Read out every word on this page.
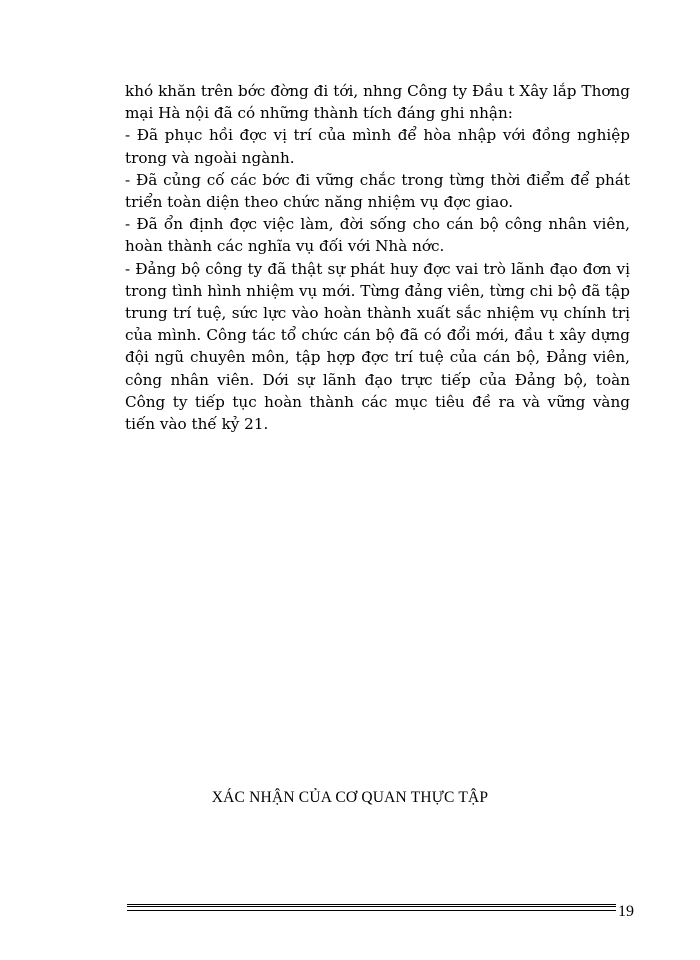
khó khăn trên bớc đờng đi tới, nhng Công ty Đầu t Xây lắp Thơng mại Hà nội đã có những thành tích đáng ghi nhận:

- Đã phục hồi đợc vị trí của mình để hòa nhập với đồng nghiệp trong và ngoài ngành.

- Đã củng cố các bớc đi vững chắc trong từng thời điểm để phát triển toàn diện theo chức năng nhiệm vụ đợc giao.

- Đã ổn định đợc việc làm, đời sống cho cán bộ công nhân viên, hoàn thành các nghĩa vụ đối với Nhà nớc.

- Đảng bộ công ty đã thật sự phát huy đợc vai trò lãnh đạo đơn vị trong tình hình nhiệm vụ mới. Từng đảng viên, từng chi bộ đã tập trung trí tuệ, sức lực vào hoàn thành xuất sắc nhiệm vụ chính trị của mình. Công tác tổ chức cán bộ đã có đổi mới, đầu t xây dựng đội ngũ chuyên môn, tập hợp đợc trí tuệ của cán bộ, Đảng viên, công nhân viên. Dới sự lãnh đạo trực tiếp của Đảng bộ, toàn Công ty tiếp tục hoàn thành các mục tiêu đề ra và vững vàng tiến vào thế kỷ 21.

XÁC NHẬN CỦA CƠ QUAN THỰC TẬP
19
